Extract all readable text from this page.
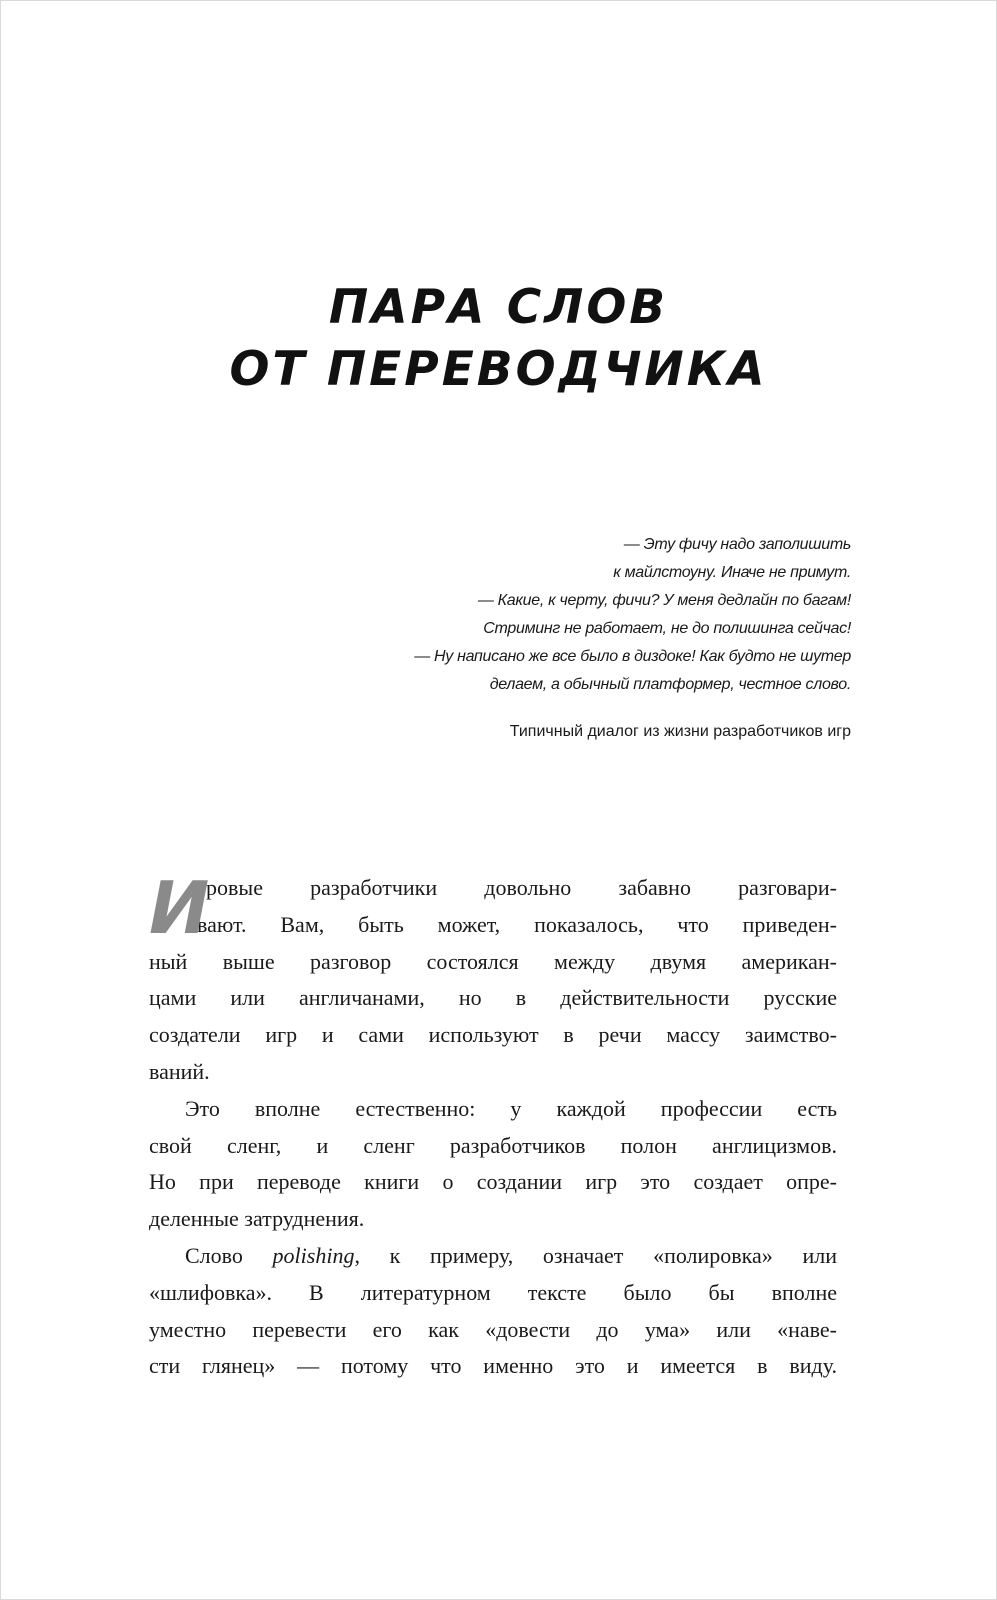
ПАРА СЛОВ
ОТ ПЕРЕВОДЧИКА
— Эту фичу надо заполишить
к майлстоуну. Иначе не примут.
— Какие, к черту, фичи? У меня дедлайн по багам!
Стриминг не работает, не до полишинга сейчас!
— Ну написано же все было в диздоке! Как будто не шутер
делаем, а обычный платформер, честное слово.
Типичный диалог из жизни разработчиков игр
И
гровые разработчики довольно забавно разговари-
вают. Вам, быть может, показалось, что приведен-
ный выше разговор состоялся между двумя американ-
цами или англичанами, но в действительности русские
создатели игр и сами используют в речи массу заимство-
ваний.
Это вполне естественно: у каждой профессии есть
свой сленг, и сленг разработчиков полон англицизмов.
Но при переводе книги о создании игр это создает опре-
деленные затруднения.
Слово polishing, к примеру, означает «полировка» или
«шлифовка». В литературном тексте было бы вполне
уместно перевести его как «довести до ума» или «наве-
сти глянец» — потому что именно это и имеется в виду.
